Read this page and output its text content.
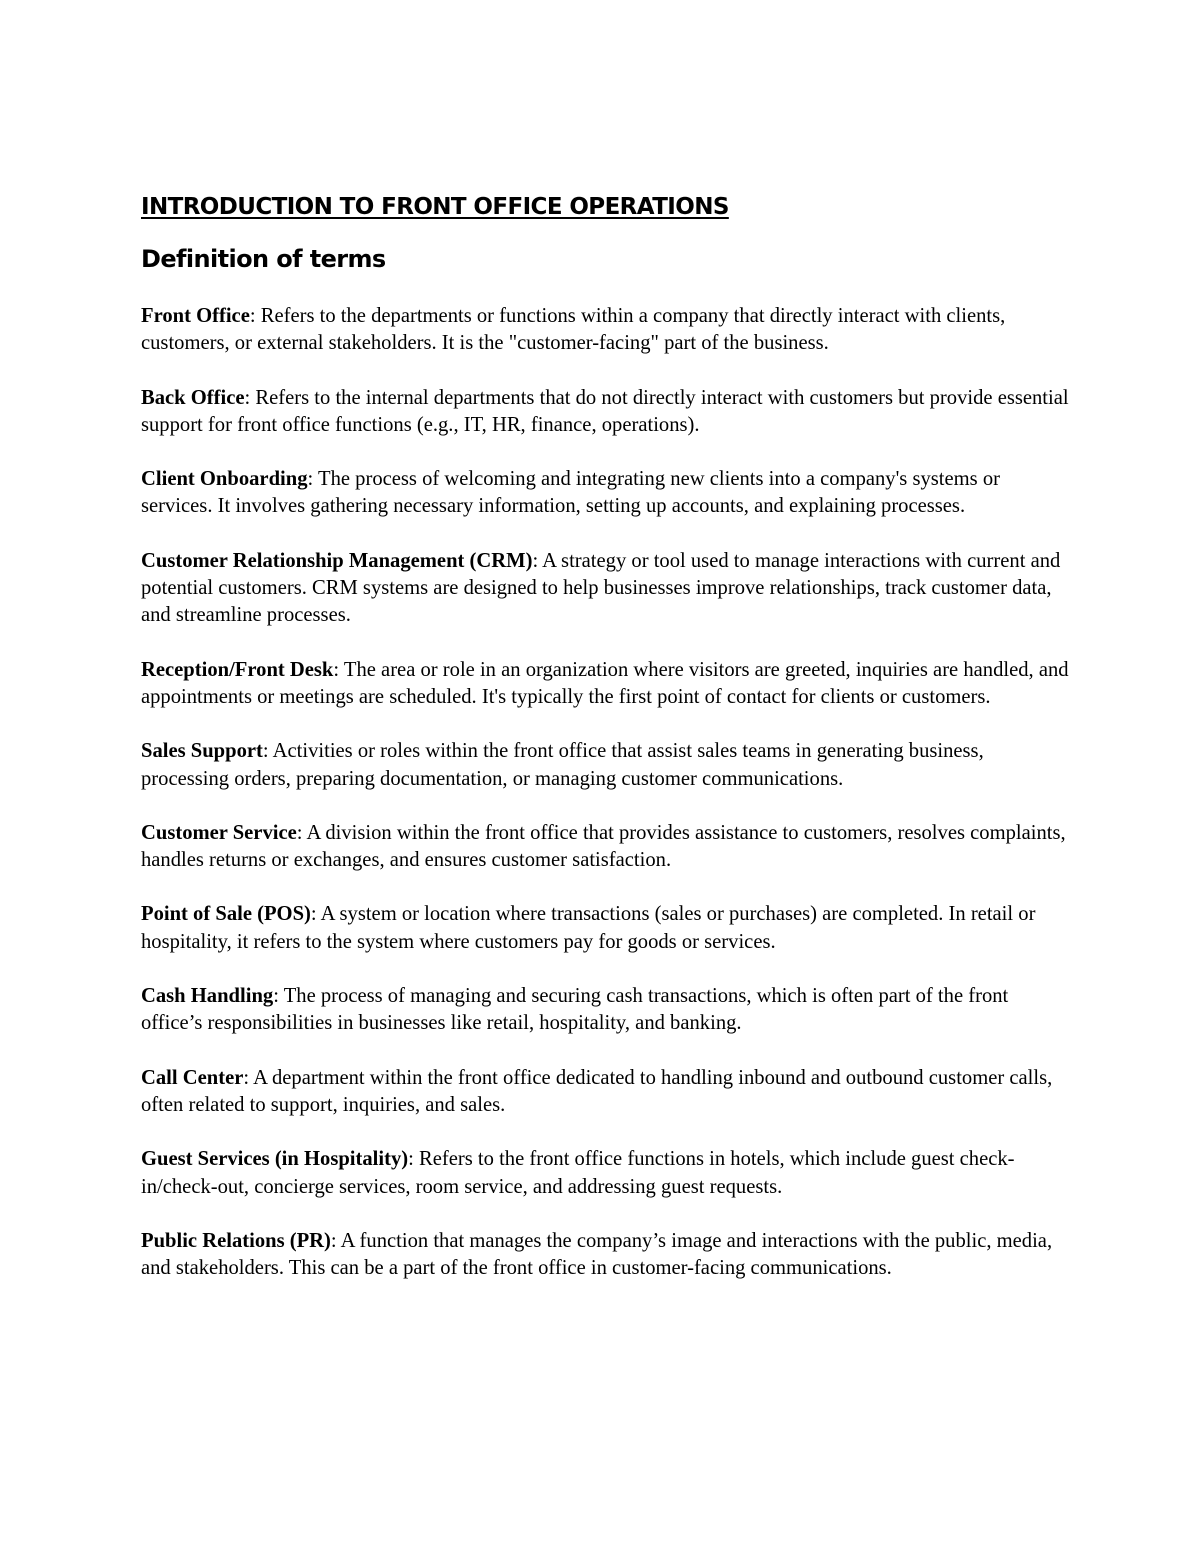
INTRODUCTION TO FRONT OFFICE OPERATIONS
Definition of terms

Front Office: Refers to the departments or functions within a company that directly interact with clients, customers, or external stakeholders. It is the "customer-facing" part of the business.

Back Office: Refers to the internal departments that do not directly interact with customers but provide essential support for front office functions (e.g., IT, HR, finance, operations).

Client Onboarding: The process of welcoming and integrating new clients into a company's systems or services. It involves gathering necessary information, setting up accounts, and explaining processes.

Customer Relationship Management (CRM): A strategy or tool used to manage interactions with current and potential customers. CRM systems are designed to help businesses improve relationships, track customer data, and streamline processes.

Reception/Front Desk: The area or role in an organization where visitors are greeted, inquiries are handled, and appointments or meetings are scheduled. It's typically the first point of contact for clients or customers.

Sales Support: Activities or roles within the front office that assist sales teams in generating business, processing orders, preparing documentation, or managing customer communications.

Customer Service: A division within the front office that provides assistance to customers, resolves complaints, handles returns or exchanges, and ensures customer satisfaction.

Point of Sale (POS): A system or location where transactions (sales or purchases) are completed. In retail or hospitality, it refers to the system where customers pay for goods or services.

Cash Handling: The process of managing and securing cash transactions, which is often part of the front office’s responsibilities in businesses like retail, hospitality, and banking.

Call Center: A department within the front office dedicated to handling inbound and outbound customer calls, often related to support, inquiries, and sales.

Guest Services (in Hospitality): Refers to the front office functions in hotels, which include guest check-in/check-out, concierge services, room service, and addressing guest requests.

Public Relations (PR): A function that manages the company’s image and interactions with the public, media, and stakeholders. This can be a part of the front office in customer-facing communications.
